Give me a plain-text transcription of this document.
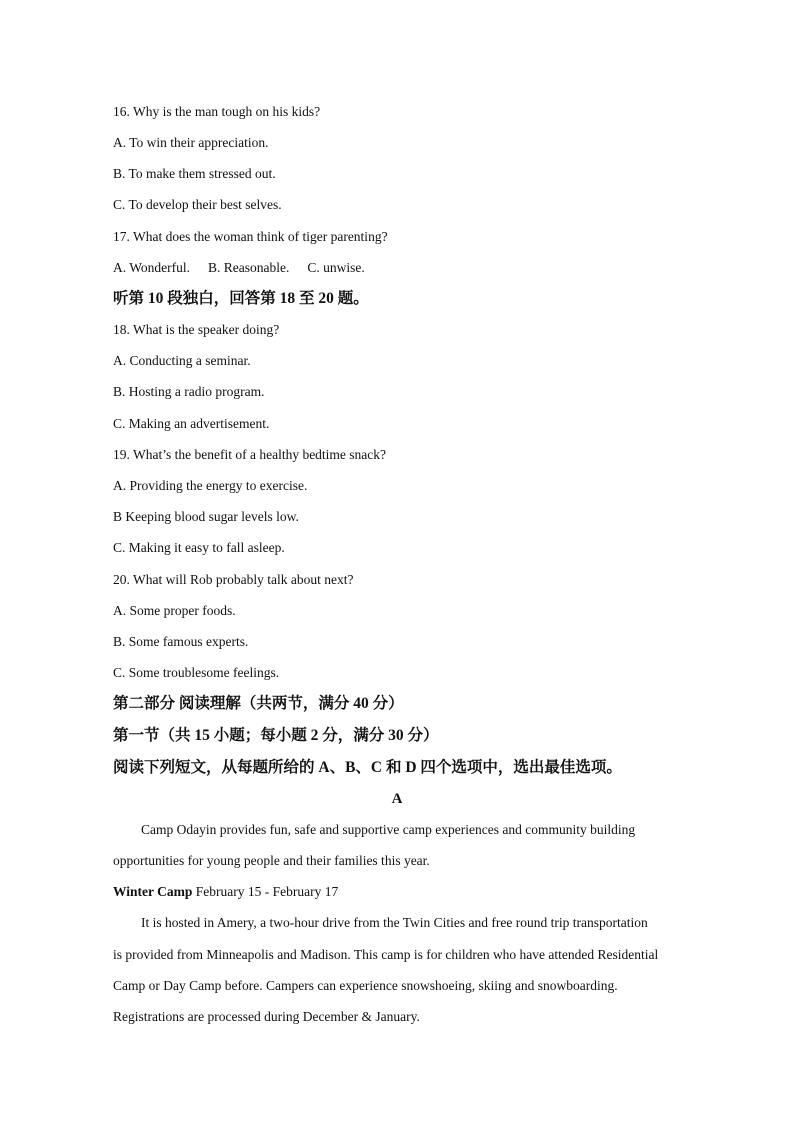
16. Why is the man tough on his kids?
A. To win their appreciation.
B. To make them stressed out.
C. To develop their best selves.
17. What does the woman think of tiger parenting?
A. Wonderful. B. Reasonable. C. unwise.
听第 10 段独白，回答第 18 至 20 题。
18. What is the speaker doing?
A. Conducting a seminar.
B. Hosting a radio program.
C. Making an advertisement.
19. What’s the benefit of a healthy bedtime snack?
A. Providing the energy to exercise.
B Keeping blood sugar levels low.
C. Making it easy to fall asleep.
20. What will Rob probably talk about next?
A. Some proper foods.
B. Some famous experts.
C. Some troublesome feelings.
第二部分 阅读理解（共两节，满分 40 分）
第一节（共 15 小题；每小题 2 分，满分 30 分）
阅读下列短文，从每题所给的 A、B、C 和 D 四个选项中，选出最佳选项。
A
Camp Odayin provides fun, safe and supportive camp experiences and community building
opportunities for young people and their families this year.
Winter Camp February 15 - February 17
It is hosted in Amery, a two-hour drive from the Twin Cities and free round trip transportation
is provided from Minneapolis and Madison. This camp is for children who have attended Residential
Camp or Day Camp before. Campers can experience snowshoeing, skiing and snowboarding.
Registrations are processed during December & January.
